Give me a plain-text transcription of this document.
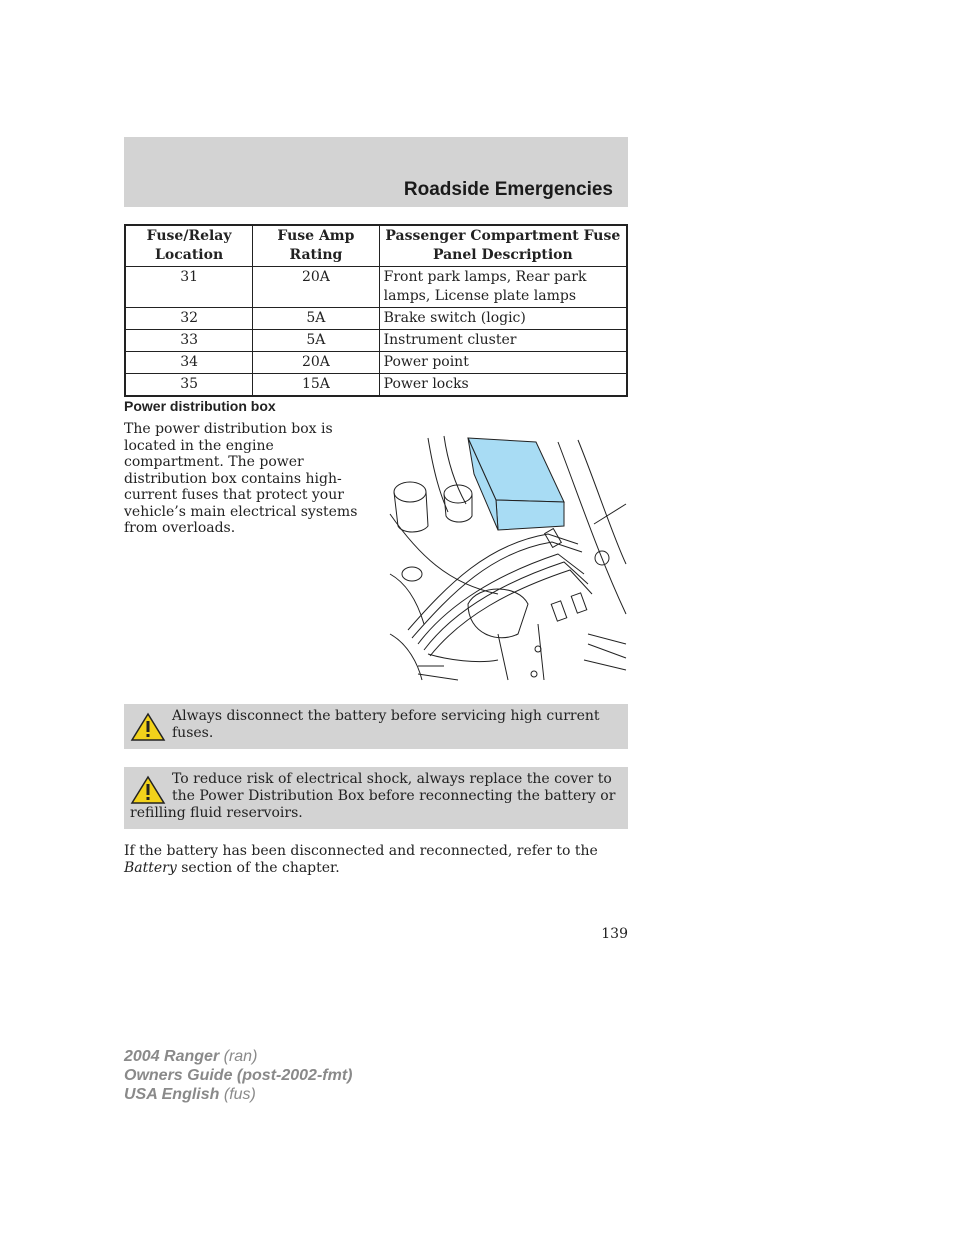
Roadside Emergencies
Fuse/Relay Location	Fuse Amp Rating	Passenger Compartment Fuse Panel Description
31	20A	Front park lamps, Rear park lamps, License plate lamps
32	5A	Brake switch (logic)
33	5A	Instrument cluster
34	20A	Power point
35	15A	Power locks
Power distribution box

The power distribution box is located in the engine compartment. The power distribution box contains high-current fuses that protect your vehicle’s main electrical systems from overloads.

Always disconnect the battery before servicing high current fuses.

To reduce risk of electrical shock, always replace the cover to the Power Distribution Box before reconnecting the battery or refilling fluid reservoirs.

If the battery has been disconnected and reconnected, refer to the Battery section of the chapter.

139
2004 Ranger (ran)
Owners Guide (post-2002-fmt)
USA English (fus)
